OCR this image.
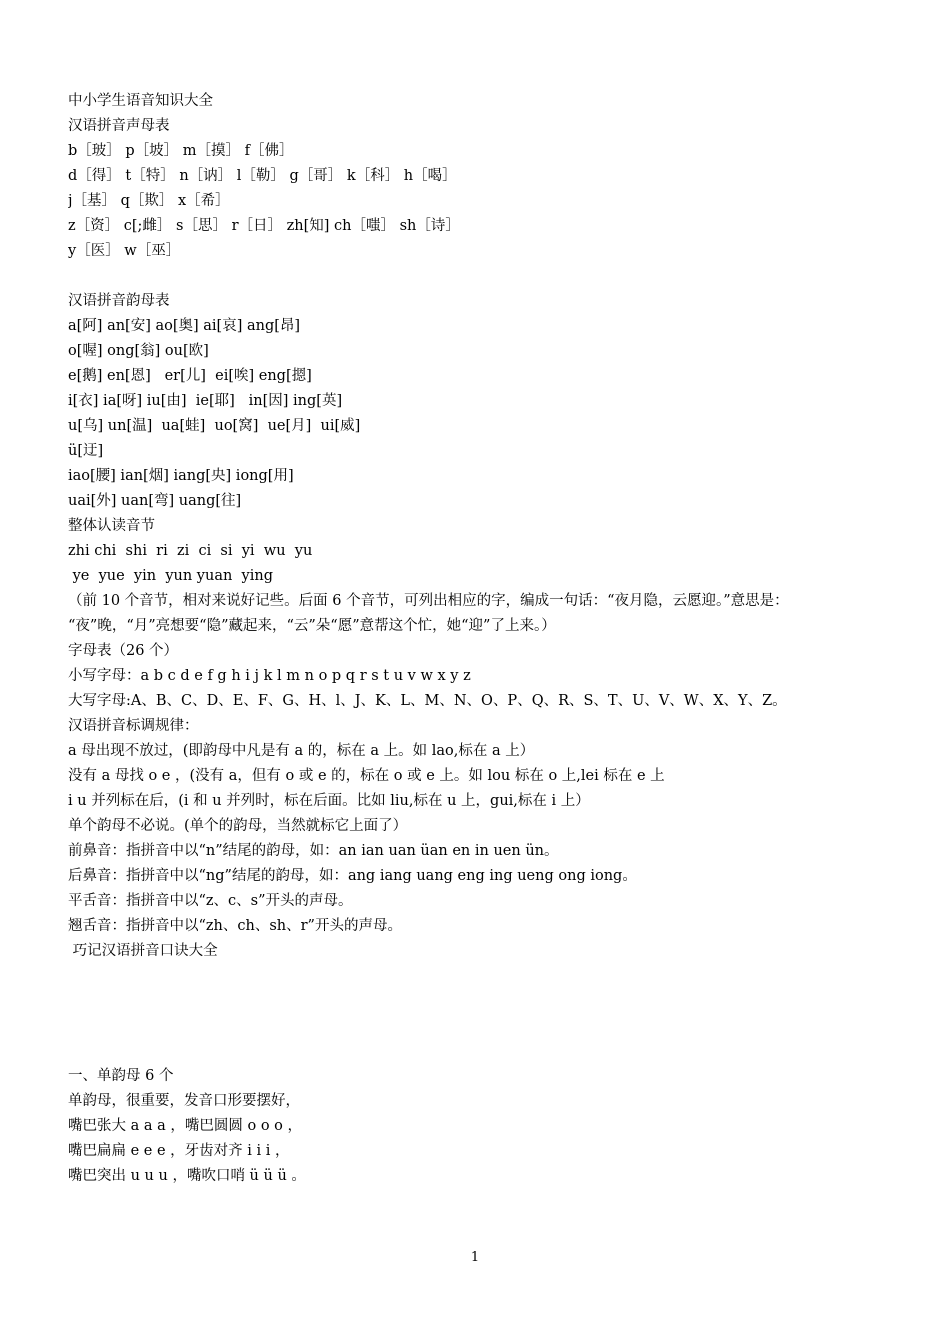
中小学生语音知识大全
汉语拼音声母表
b［玻］ p［坡］ m［摸］ f［佛］
d［得］ t［特］ n［讷］ l［勒］ g［哥］ k［科］ h［喝］
j［基］ q［欺］ x［希］
z［资］ c[;雌］ s［思］ r［日］ zh[知] ch［嗤］ sh［诗］
y［医］ w［巫］
汉语拼音韵母表
a[阿] an[安] ao[奥] ai[哀] ang[昂]
o[喔] ong[翁] ou[欧]
e[鹅] en[恩]   er[儿]  ei[唉] eng[摁]
i[衣] ia[呀] iu[由]  ie[耶]   in[因] ing[英]
u[乌] un[温]  ua[蛙]  uo[窝]  ue[月]  ui[威]
ü[迂]
iao[腰] ian[烟] iang[央] iong[用]
uai[外] uan[弯] uang[往]
整体认读音节
zhi chi  shi  ri  zi  ci  si  yi  wu  yu
ye  yue  yin  yun yuan  ying
（前 10 个音节，相对来说好记些。后面 6 个音节，可列出相应的字，编成一句话：“夜月隐，云愿迎。”意思是：
“夜”晚，“月”亮想要“隐”藏起来，“云”朵“愿”意帮这个忙，她“迎”了上来。）
字母表（26 个）
小写字母：a b c d e f g h i j k l m n o p q r s t u v w x y z
大写字母:A、B、C、D、E、F、G、H、l、J、K、L、M、N、O、P、Q、R、S、T、U、V、W、X、Y、Z。
汉语拼音标调规律：
a 母出现不放过，(即韵母中凡是有 a 的，标在 a 上。如 lao,标在 a 上）
没有 a 母找 o e ，(没有 a，但有 o 或 e 的，标在 o 或 e 上。如 lou 标在 o 上,lei 标在 e 上
i u 并列标在后，(i 和 u 并列时，标在后面。比如 liu,标在 u 上，gui,标在 i 上）
单个韵母不必说。(单个的韵母，当然就标它上面了）
前鼻音：指拼音中以“n”结尾的韵母，如：an ian uan üan en in uen ün。
后鼻音：指拼音中以“ng”结尾的韵母，如：ang iang uang eng ing ueng ong iong。
平舌音：指拼音中以“z、c、s”开头的声母。
翘舌音：指拼音中以“zh、ch、sh、r”开头的声母。
巧记汉语拼音口诀大全
一、单韵母 6 个
单韵母，很重要，发音口形要摆好，
嘴巴张大 a a a ，嘴巴圆圆 o o o ，
嘴巴扁扁 e e e ，牙齿对齐 i i i ，
嘴巴突出 u u u ，嘴吹口哨 ü ü ü 。
1
